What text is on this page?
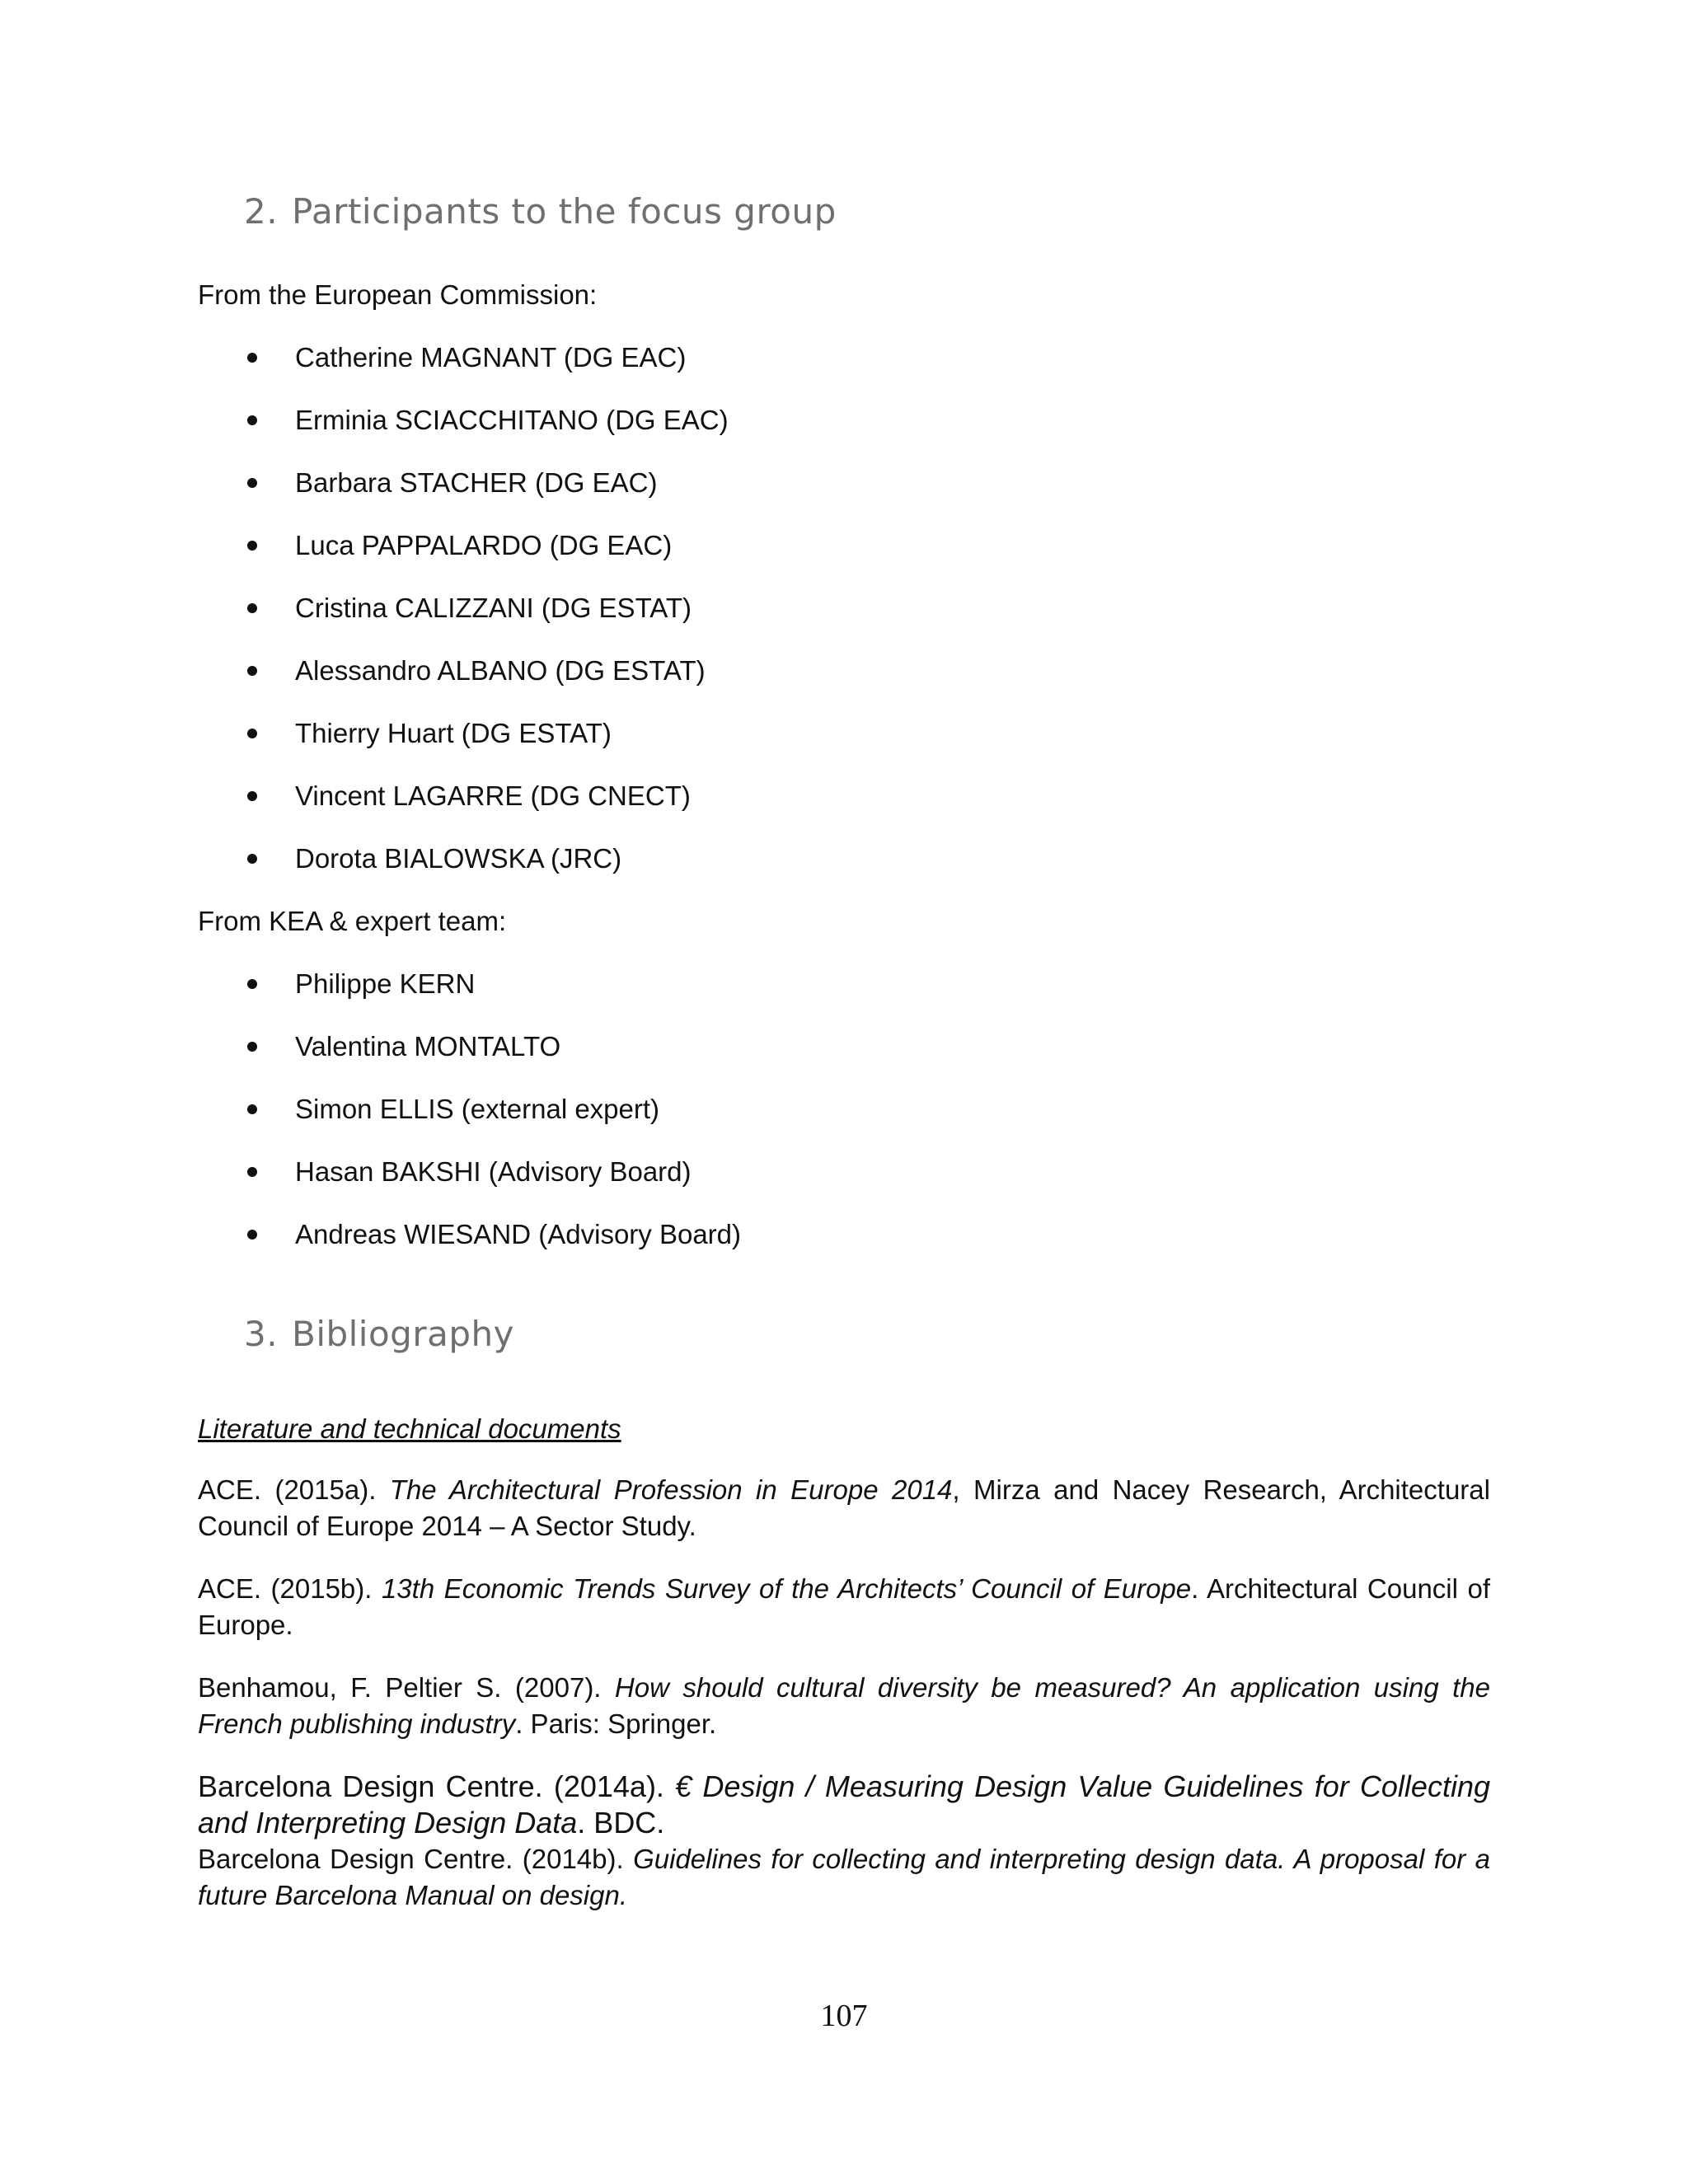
2. Participants to the focus group

From the European Commission:

Catherine MAGNANT (DG EAC)
Erminia SCIACCHITANO (DG EAC)
Barbara STACHER (DG EAC)
Luca PAPPALARDO (DG EAC)
Cristina CALIZZANI (DG ESTAT)
Alessandro ALBANO (DG ESTAT)
Thierry Huart (DG ESTAT)
Vincent LAGARRE (DG CNECT)
Dorota BIALOWSKA (JRC)

From KEA & expert team:

Philippe KERN
Valentina MONTALTO
Simon ELLIS (external expert)
Hasan BAKSHI (Advisory Board)
Andreas WIESAND (Advisory Board)
3. Bibliography

Literature and technical documents

ACE. (2015a). The Architectural Profession in Europe 2014, Mirza and Nacey Research, Architectural Council of Europe 2014 – A Sector Study.

ACE. (2015b). 13th Economic Trends Survey of the Architects’ Council of Europe. Architectural Council of Europe.

Benhamou, F. Peltier S. (2007). How should cultural diversity be measured? An application using the French publishing industry. Paris: Springer.

Barcelona Design Centre. (2014a). € Design / Measuring Design Value Guidelines for Collecting and Interpreting Design Data. BDC.

Barcelona Design Centre. (2014b). Guidelines for collecting and interpreting design data. A proposal for a future Barcelona Manual on design.

107
